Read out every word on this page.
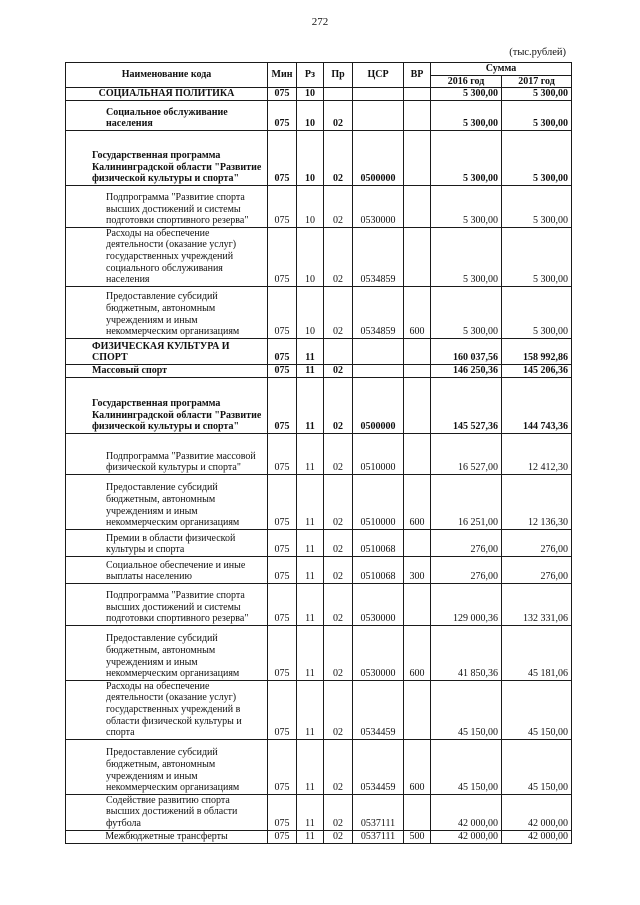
272
(тыс.рублей)
Наименование кода	Мин	Рз	Пр	ЦСР	ВР	Сумма	
						2016 год	2017 год
СОЦИАЛЬНАЯ ПОЛИТИКА	075	10				5 300,00	5 300,00
Социальное обслуживание населения	075	10	02			5 300,00	5 300,00
Государственная программа Калининградской области "Развитие физической культуры и спорта"	075	10	02	0500000		5 300,00	5 300,00
Подпрограмма "Развитие спорта высших достижений и системы подготовки спортивного резерва"	075	10	02	0530000		5 300,00	5 300,00
Расходы на обеспечение деятельности (оказание услуг) государственных учреждений социального обслуживания населения	075	10	02	0534859		5 300,00	5 300,00
Предоставление субсидий бюджетным, автономным учреждениям и иным некоммерческим организациям	075	10	02	0534859	600	5 300,00	5 300,00
ФИЗИЧЕСКАЯ КУЛЬТУРА И СПОРТ	075	11				160 037,56	158 992,86
Массовый спорт	075	11	02			146 250,36	145 206,36
Государственная программа Калининградской области "Развитие физической культуры и спорта"	075	11	02	0500000		145 527,36	144 743,36
Подпрограмма "Развитие массовой физической культуры и спорта"	075	11	02	0510000		16 527,00	12 412,30
Предоставление субсидий бюджетным, автономным учреждениям и иным некоммерческим организациям	075	11	02	0510000	600	16 251,00	12 136,30
Премии в области физической культуры и спорта	075	11	02	0510068		276,00	276,00
Социальное обеспечение и иные выплаты населению	075	11	02	0510068	300	276,00	276,00
Подпрограмма "Развитие спорта высших достижений и системы подготовки спортивного резерва"	075	11	02	0530000		129 000,36	132 331,06
Предоставление субсидий бюджетным, автономным учреждениям и иным некоммерческим организациям	075	11	02	0530000	600	41 850,36	45 181,06
Расходы на обеспечение деятельности (оказание услуг) государственных учреждений в области физической культуры и спорта	075	11	02	0534459		45 150,00	45 150,00
Предоставление субсидий бюджетным, автономным учреждениям и иным некоммерческим организациям	075	11	02	0534459	600	45 150,00	45 150,00
Содействие развитию спорта высших достижений в области футбола	075	11	02	0537111		42 000,00	42 000,00
Межбюджетные трансферты	075	11	02	0537111	500	42 000,00	42 000,00
